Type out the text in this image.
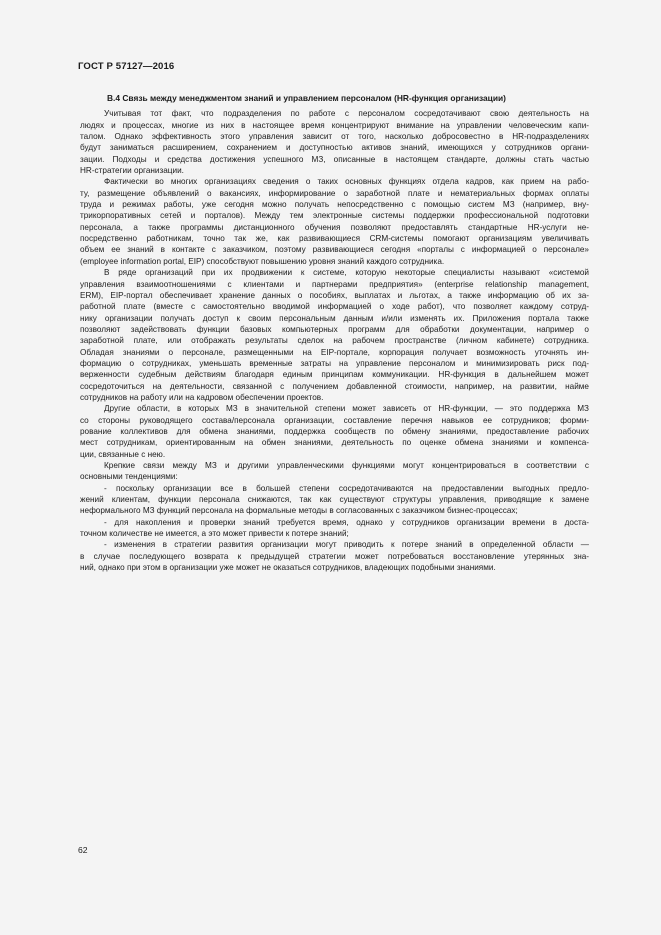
ГОСТ Р 57127—2016
В.4 Связь между менеджментом знаний и управлением персоналом (HR-функция организации)
Учитывая тот факт, что подразделения по работе с персоналом сосредотачивают свою деятельность на
людях и процессах, многие из них в настоящее время концентрируют внимание на управлении человеческим капи-
талом. Однако эффективность этого управления зависит от того, насколько добросовестно в HR-подразделениях
будут заниматься расширением, сохранением и доступностью активов знаний, имеющихся у сотрудников органи-
зации. Подходы и средства достижения успешного МЗ, описанные в настоящем стандарте, должны стать частью
HR-стратегии организации.
Фактически во многих организациях сведения о таких основных функциях отдела кадров, как прием на рабо-
ту, размещение объявлений о вакансиях, информирование о заработной плате и нематериальных формах оплаты
труда и режимах работы, уже сегодня можно получать непосредственно с помощью систем МЗ (например, вну-
трикорпоративных сетей и порталов). Между тем электронные системы поддержки профессиональной подготовки
персонала, а также программы дистанционного обучения позволяют предоставлять стандартные HR-услуги не-
посредственно работникам, точно так же, как развивающиеся CRM-системы помогают организациям увеличивать
объем ее знаний в контакте с заказчиком, поэтому развивающиеся сегодня «порталы с информацией о персонале»
(employee information portal, EIP) способствуют повышению уровня знаний каждого сотрудника.
В ряде организаций при их продвижении к системе, которую некоторые специалисты называют «системой
управления взаимоотношениями с клиентами и партнерами предприятия» (enterprise relationship management,
ERM), EIP-портал обеспечивает хранение данных о пособиях, выплатах и льготах, а также информацию об их за-
работной плате (вместе с самостоятельно вводимой информацией о ходе работ), что позволяет каждому сотруд-
нику организации получать доступ к своим персональным данным и/или изменять их. Приложения портала также
позволяют задействовать функции базовых компьютерных программ для обработки документации, например о
заработной плате, или отображать результаты сделок на рабочем пространстве (личном кабинете) сотрудника.
Обладая знаниями о персонале, размещенными на EIP-портале, корпорация получает возможность уточнять ин-
формацию о сотрудниках, уменьшать временные затраты на управление персоналом и минимизировать риск под-
верженности судебным действиям благодаря единым принципам коммуникации. HR-функция в дальнейшем может
сосредоточиться на деятельности, связанной с получением добавленной стоимости, например, на развитии, найме
сотрудников на работу или на кадровом обеспечении проектов.
Другие области, в которых МЗ в значительной степени может зависеть от HR-функции, — это поддержка МЗ
со стороны руководящего состава/персонала организации, составление перечня навыков ее сотрудников; форми-
рование коллективов для обмена знаниями, поддержка сообществ по обмену знаниями, предоставление рабочих
мест сотрудникам, ориентированным на обмен знаниями, деятельность по оценке обмена знаниями и компенса-
ции, связанные с нею.
Крепкие связи между МЗ и другими управленческими функциями могут концентрироваться в соответствии с
основными тенденциями:
- поскольку организации все в большей степени сосредотачиваются на предоставлении выгодных предло-
жений клиентам, функции персонала снижаются, так как существуют структуры управления, приводящие к замене
неформального МЗ функций персонала на формальные методы в согласованных с заказчиком бизнес-процессах;
- для накопления и проверки знаний требуется время, однако у сотрудников организации времени в доста-
точном количестве не имеется, а это может привести к потере знаний;
- изменения в стратегии развития организации могут приводить к потере знаний в определенной области —
в случае последующего возврата к предыдущей стратегии может потребоваться восстановление утерянных зна-
ний, однако при этом в организации уже может не оказаться сотрудников, владеющих подобными знаниями.
62
